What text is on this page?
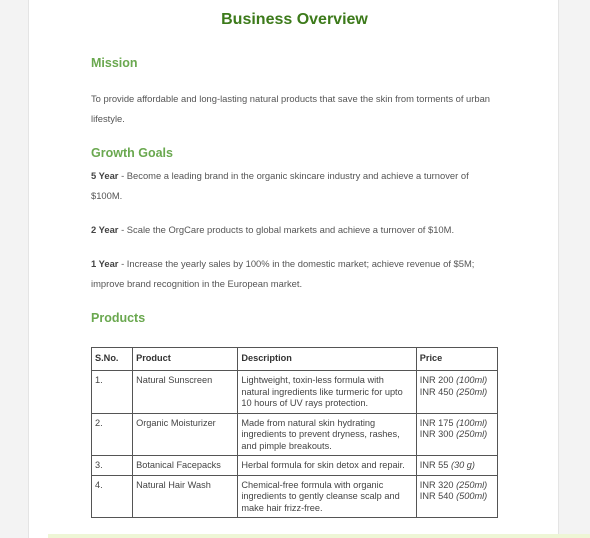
Business Overview
Mission

To provide affordable and long-lasting natural products that save the skin from torments of urban lifestyle.

Growth Goals

5 Year - Become a leading brand in the organic skincare industry and achieve a turnover of $100M.

2 Year - Scale the OrgCare products to global markets and achieve a turnover of $10M.

1 Year - Increase the yearly sales by 100% in the domestic market; achieve revenue of $5M; improve brand recognition in the European market.

Products
S.No.	Product	Description	Price
1.	Natural Sunscreen	Lightweight, toxin-less formula with natural ingredients like turmeric for upto 10 hours of UV rays protection.	INR 200 (100ml)
INR 450 (250ml)

2.	Organic Moisturizer	Made from natural skin hydrating ingredients to prevent dryness, rashes, and pimple breakouts.	INR 175 (100ml)
INR 300 (250ml)

3.	Botanical Facepacks	Herbal formula for skin detox and repair.	INR 55 (30 g)

4.	Natural Hair Wash	Chemical-free formula with organic ingredients to gently cleanse scalp and make hair frizz-free.	INR 320 (250ml)
INR 540 (500ml)
